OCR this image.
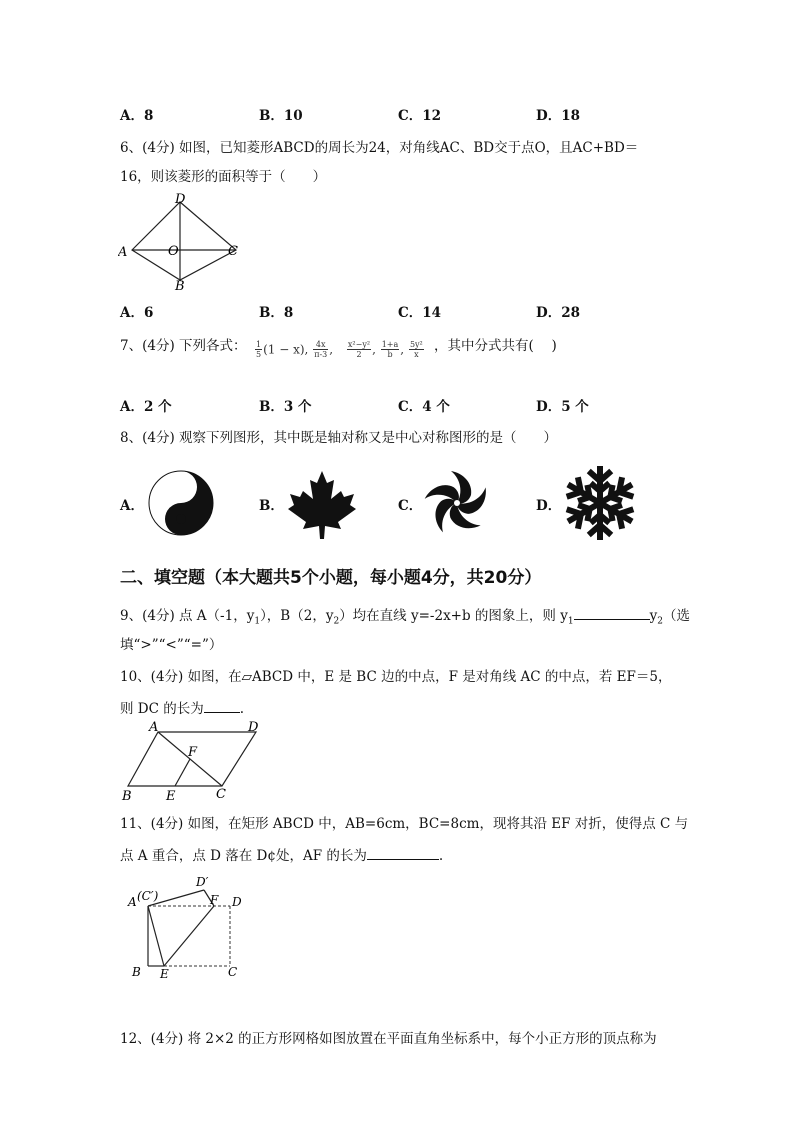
A．8	B．10	C．12	D．18
6、(4分) 如图，已知菱形ABCD的周长为24，对角线AC、BD交于点O，且AC+BD＝
16，则该菱形的面积等于（　　）
A
D
O	C
B
A．6	B．8	C．14	D．28
7、(4分) 下列各式： $\frac{1}{5} (1 - x)$, $\frac{4x}{\pi-3}$ , $\frac{\text{x²−y²}}{2}$ , $\frac{1+a}{b}$ , $\frac{\text{5y²}}{x}$ ，其中分式共有(　 )
A．2 个	B．3 个	C．4 个	D．5 个
8、(4分) 观察下列图形，其中既是轴对称又是中心对称图形的是（　　）
A．	B．	C．	D．
二、填空题（本大题共5个小题，每小题4分，共20分）
9、(4分) 点 A（-1，$y_1$），B（2，$y_2$）均在直线 y=-2x+b 的图象上，则 $y_1$	$y_2$（选
填“>”“<”“=”）
10、(4分) 如图，在▱ABCD 中，E 是 BC 边的中点，F 是对角线 AC 的中点，若 EF＝5，
则 DC 的长为	.
A	D
F
B	E	C
11、(4分) 如图，在矩形 ABCD 中，AB=6cm，BC=8cm，现将其沿 EF 对折，使得点 C 与
点 A 重合，点 D 落在 D¢处，AF 的长为	.
A (C′)
D′
F D
B E	C
12、(4分) 将 2×2 的正方形网格如图放置在平面直角坐标系中，每个小正方形的顶点称为
